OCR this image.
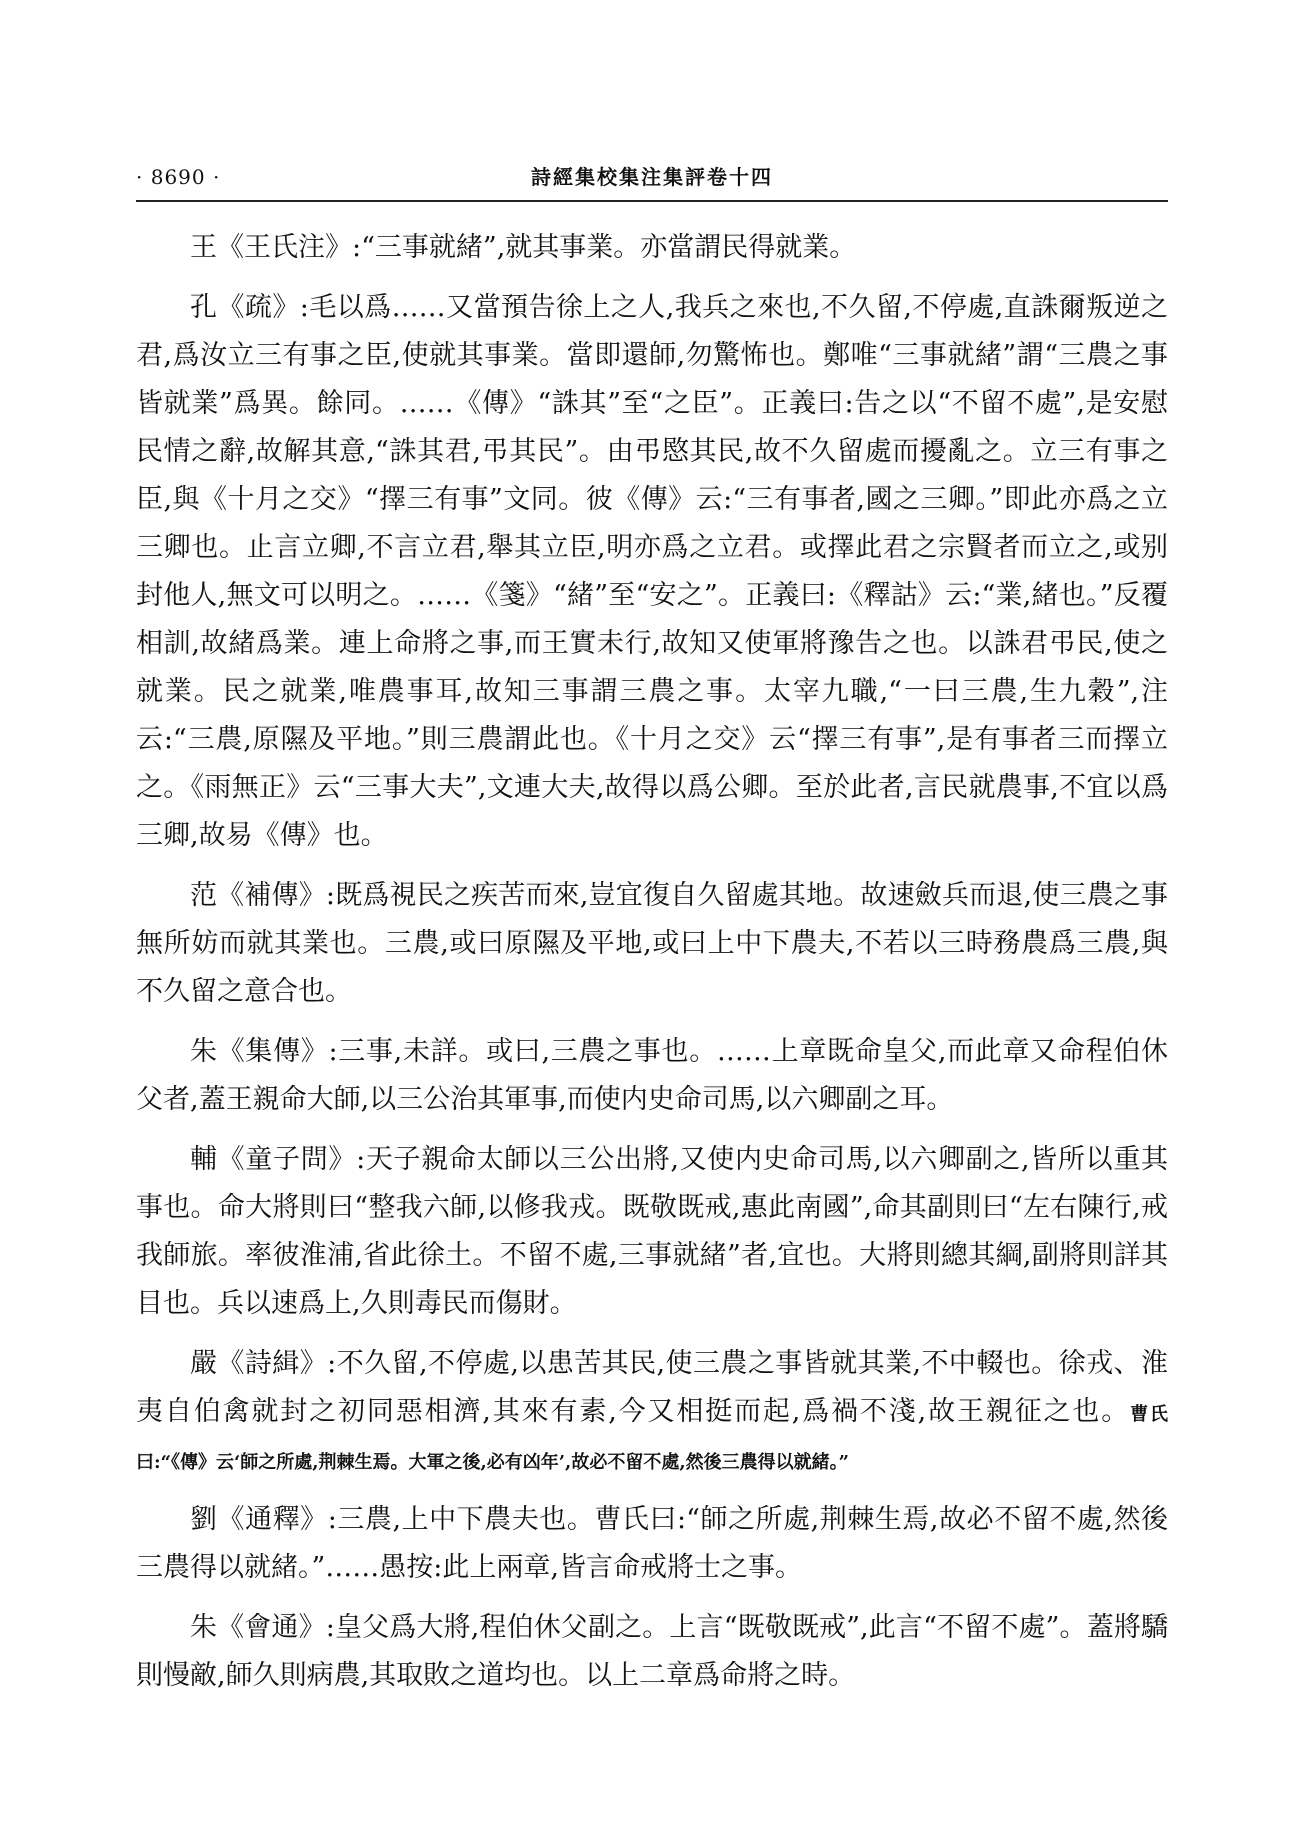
· 8690 ·	詩經集校集注集評卷十四

王《王氏注》:“三事就緒”,就其事業。亦當謂民得就業。

孔《疏》:毛以爲……又當預告徐上之人,我兵之來也,不久留,不停處,直誅爾叛逆之君,爲汝立三有事之臣,使就其事業。當即還師,勿驚怖也。鄭唯“三事就緒”謂“三農之事皆就業”爲異。餘同。……《傳》“誅其”至“之臣”。正義曰:告之以“不留不處”,是安慰民情之辭,故解其意,“誅其君,弔其民”。由弔愍其民,故不久留處而擾亂之。立三有事之臣,與《十月之交》“擇三有事”文同。彼《傳》云:“三有事者,國之三卿。”即此亦爲之立三卿也。止言立卿,不言立君,舉其立臣,明亦爲之立君。或擇此君之宗賢者而立之,或别封他人,無文可以明之。……《箋》“緒”至“安之”。正義曰:《釋詁》云:“業,緒也。”反覆相訓,故緒爲業。連上命將之事,而王實未行,故知又使軍將豫告之也。以誅君弔民,使之就業。民之就業,唯農事耳,故知三事謂三農之事。太宰九職,“一曰三農,生九穀”,注云:“三農,原隰及平地。”則三農謂此也。《十月之交》云“擇三有事”,是有事者三而擇立之。《雨無正》云“三事大夫”,文連大夫,故得以爲公卿。至於此者,言民就農事,不宜以爲三卿,故易《傳》也。

范《補傳》:既爲視民之疾苦而來,豈宜復自久留處其地。故速斂兵而退,使三農之事無所妨而就其業也。三農,或曰原隰及平地,或曰上中下農夫,不若以三時務農爲三農,與不久留之意合也。

朱《集傳》:三事,未詳。或曰,三農之事也。……上章既命皇父,而此章又命程伯休父者,蓋王親命大師,以三公治其軍事,而使内史命司馬,以六卿副之耳。

輔《童子問》:天子親命太師以三公出將,又使内史命司馬,以六卿副之,皆所以重其事也。命大將則曰“整我六師,以修我戎。既敬既戒,惠此南國”,命其副則曰“左右陳行,戒我師旅。率彼淮浦,省此徐土。不留不處,三事就緒”者,宜也。大將則總其綱,副將則詳其目也。兵以速爲上,久則毒民而傷財。

嚴《詩緝》:不久留,不停處,以患苦其民,使三農之事皆就其業,不中輟也。徐戎、淮夷自伯禽就封之初同惡相濟,其來有素,今又相挺而起,爲禍不淺,故王親征之也。曹氏曰:“《傳》云‘師之所處,荆棘生焉。大軍之後,必有凶年’,故必不留不處,然後三農得以就緒。”

劉《通釋》:三農,上中下農夫也。曹氏曰:“師之所處,荆棘生焉,故必不留不處,然後三農得以就緒。”……愚按:此上兩章,皆言命戒將士之事。

朱《會通》:皇父爲大將,程伯休父副之。上言“既敬既戒”,此言“不留不處”。蓋將驕則慢敵,師久則病農,其取敗之道均也。以上二章爲命將之時。
